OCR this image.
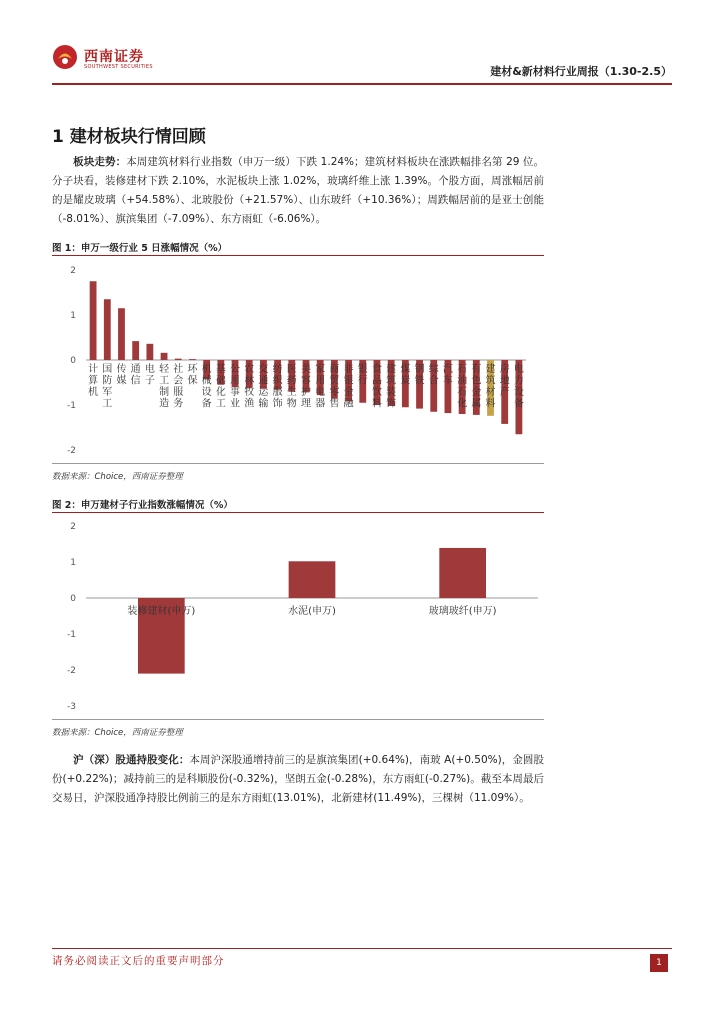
西南证券
SOUTHWEST SECURITIES	建材&新材料行业周报（1.30-2.5）
1 建材板块行情回顾
板块走势：本周建筑材料行业指数（申万一级）下跌 1.24%；建筑材料板块在涨跌幅排名第 29 位。分子块看，装修建材下跌 2.10%，水泥板块上涨 1.02%，玻璃纤维上涨 1.39%。个股方面，周涨幅居前的是耀皮玻璃（+54.58%）、北玻股份（+21.57%）、山东玻纤（+10.36%）；周跌幅居前的是亚士创能（-8.01%）、旗滨集团（-7.09%）、东方雨虹（-6.06%）。
图 1：申万一级行业 5 日涨幅情况（%）
2
1
0
-1
-2
计算机
国防军工
传媒
通信
电子
轻工制造
社会服务
环保
机械设备
基础化工
公用事业
农林牧渔
交通运输
纺织服饰
医药生物
美容护理
家用电器
商贸零售
非银金融
银行
食品饮料
建筑装饰
煤炭
钢铁
综合
汽车
石油石化
有色金属
建筑材料
房地产
电力设备
数据来源：Choice，西南证券整理
图 2：申万建材子行业指数涨幅情况（%）
2
1
0
-1
-2
-3
装修建材(申万)	水泥(申万)	玻璃玻纤(申万)
数据来源：Choice，西南证券整理
沪（深）股通持股变化：本周沪深股通增持前三的是旗滨集团(+0.64%)，南玻 A(+0.50%)，金圆股份(+0.22%)；减持前三的是科顺股份(-0.32%)，坚朗五金(-0.28%)，东方雨虹(-0.27%)。截至本周最后交易日，沪深股通净持股比例前三的是东方雨虹(13.01%)，北新建材(11.49%)，三棵树（11.09%）。
请务必阅读正文后的重要声明部分	1
